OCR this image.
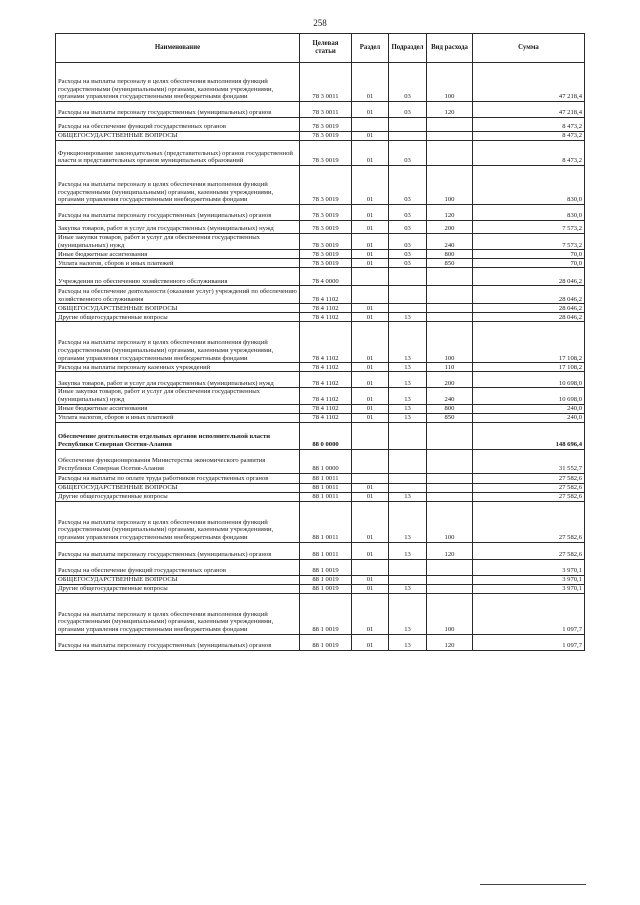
258
Наименование	Целевая статьи	Раздел	Подраздел	Вид расхода	Сумма
Расходы на выплаты персоналу в целях обеспечения выполнения функций государственными (муниципальными) органами, казенными учреждениями, органами управления государственными внебюджетными фондами	78 3 0011	01	03	100	47 218,4
Расходы на выплаты персоналу государственных (муниципальных) органов	78 3 0011	01	03	120	47 218,4
Расходы на обеспечение функций государственных органов	78 3 0019				8 473,2
ОБЩЕГОСУДАРСТВЕННЫЕ ВОПРОСЫ	78 3 0019	01			8 473,2
Функционирование законодательных (представительных) органов государственной власти и представительных органов муниципальных образований	78 3 0019	01	03		8 473,2
Расходы на выплаты персоналу в целях обеспечения выполнения функций государственными (муниципальными) органами, казенными учреждениями, органами управления государственными внебюджетными фондами	78 3 0019	01	03	100	830,0
Расходы на выплаты персоналу государственных (муниципальных) органов	78 3 0019	01	03	120	830,0
Закупка товаров, работ и услуг для государственных (муниципальных) нужд	78 3 0019	01	03	200	7 573,2
Иные закупки товаров, работ и услуг для обеспечения государственных (муниципальных) нужд	78 3 0019	01	03	240	7 573,2
Иные бюджетные ассигнования	78 3 0019	01	03	800	70,0
Уплата налогов, сборов и иных платежей	78 3 0019	01	03	850	70,0
Учреждения по обеспечению хозяйственного обслуживания	78 4 0000				28 046,2
Расходы на обеспечение деятельности (оказание услуг) учреждений по обеспечению хозяйственного обслуживания	78 4 1102				28 046,2
ОБЩЕГОСУДАРСТВЕННЫЕ ВОПРОСЫ	78 4 1102	01			28 046,2
Другие общегосударственные вопросы	78 4 1102	01	13		28 046,2
Расходы на выплаты персоналу в целях обеспечения выполнения функций государственными (муниципальными) органами, казенными учреждениями, органами управления государственными внебюджетными фондами	78 4 1102	01	13	100	17 108,2
Расходы на выплаты персоналу казенных учреждений	78 4 1102	01	13	110	17 108,2
Закупка товаров, работ и услуг для государственных (муниципальных) нужд	78 4 1102	01	13	200	10 698,0
Иные закупки товаров, работ и услуг для обеспечения государственных (муниципальных) нужд	78 4 1102	01	13	240	10 698,0
Иные бюджетные ассигнования	78 4 1102	01	13	800	240,0
Уплата налогов, сборов и иных платежей	78 4 1102	01	13	850	240,0
Обеспечение деятельности отдельных органов исполнительной власти Республики Северная Осетия-Алания	88 0 0000				148 696,4
Обеспечение функционирования Министерства экономического развития Республики Северная Осетия-Алания	88 1 0000				31 552,7
Расходы на выплаты по оплате труда работников государственных органов	88 1 0011				27 582,6
ОБЩЕГОСУДАРСТВЕННЫЕ ВОПРОСЫ	88 1 0011	01			27 582,6
Другие общегосударственные вопросы	88 1 0011	01	13		27 582,6
Расходы на выплаты персоналу в целях обеспечения выполнения функций государственными (муниципальными) органами, казенными учреждениями, органами управления государственными внебюджетными фондами	88 1 0011	01	13	100	27 582,6
Расходы на выплаты персоналу государственных (муниципальных) органов	88 1 0011	01	13	120	27 582,6
Расходы на обеспечение функций государственных органов	88 1 0019				3 970,1
ОБЩЕГОСУДАРСТВЕННЫЕ ВОПРОСЫ	88 1 0019	01			3 970,1
Другие общегосударственные вопросы	88 1 0019	01	13		3 970,1
Расходы на выплаты персоналу в целях обеспечения выполнения функций государственными (муниципальными) органами, казенными учреждениями, органами управления государственными внебюджетными фондами	88 1 0019	01	13	100	1 097,7
Расходы на выплаты персоналу государственных (муниципальных) органов	88 1 0019	01	13	120	1 097,7
